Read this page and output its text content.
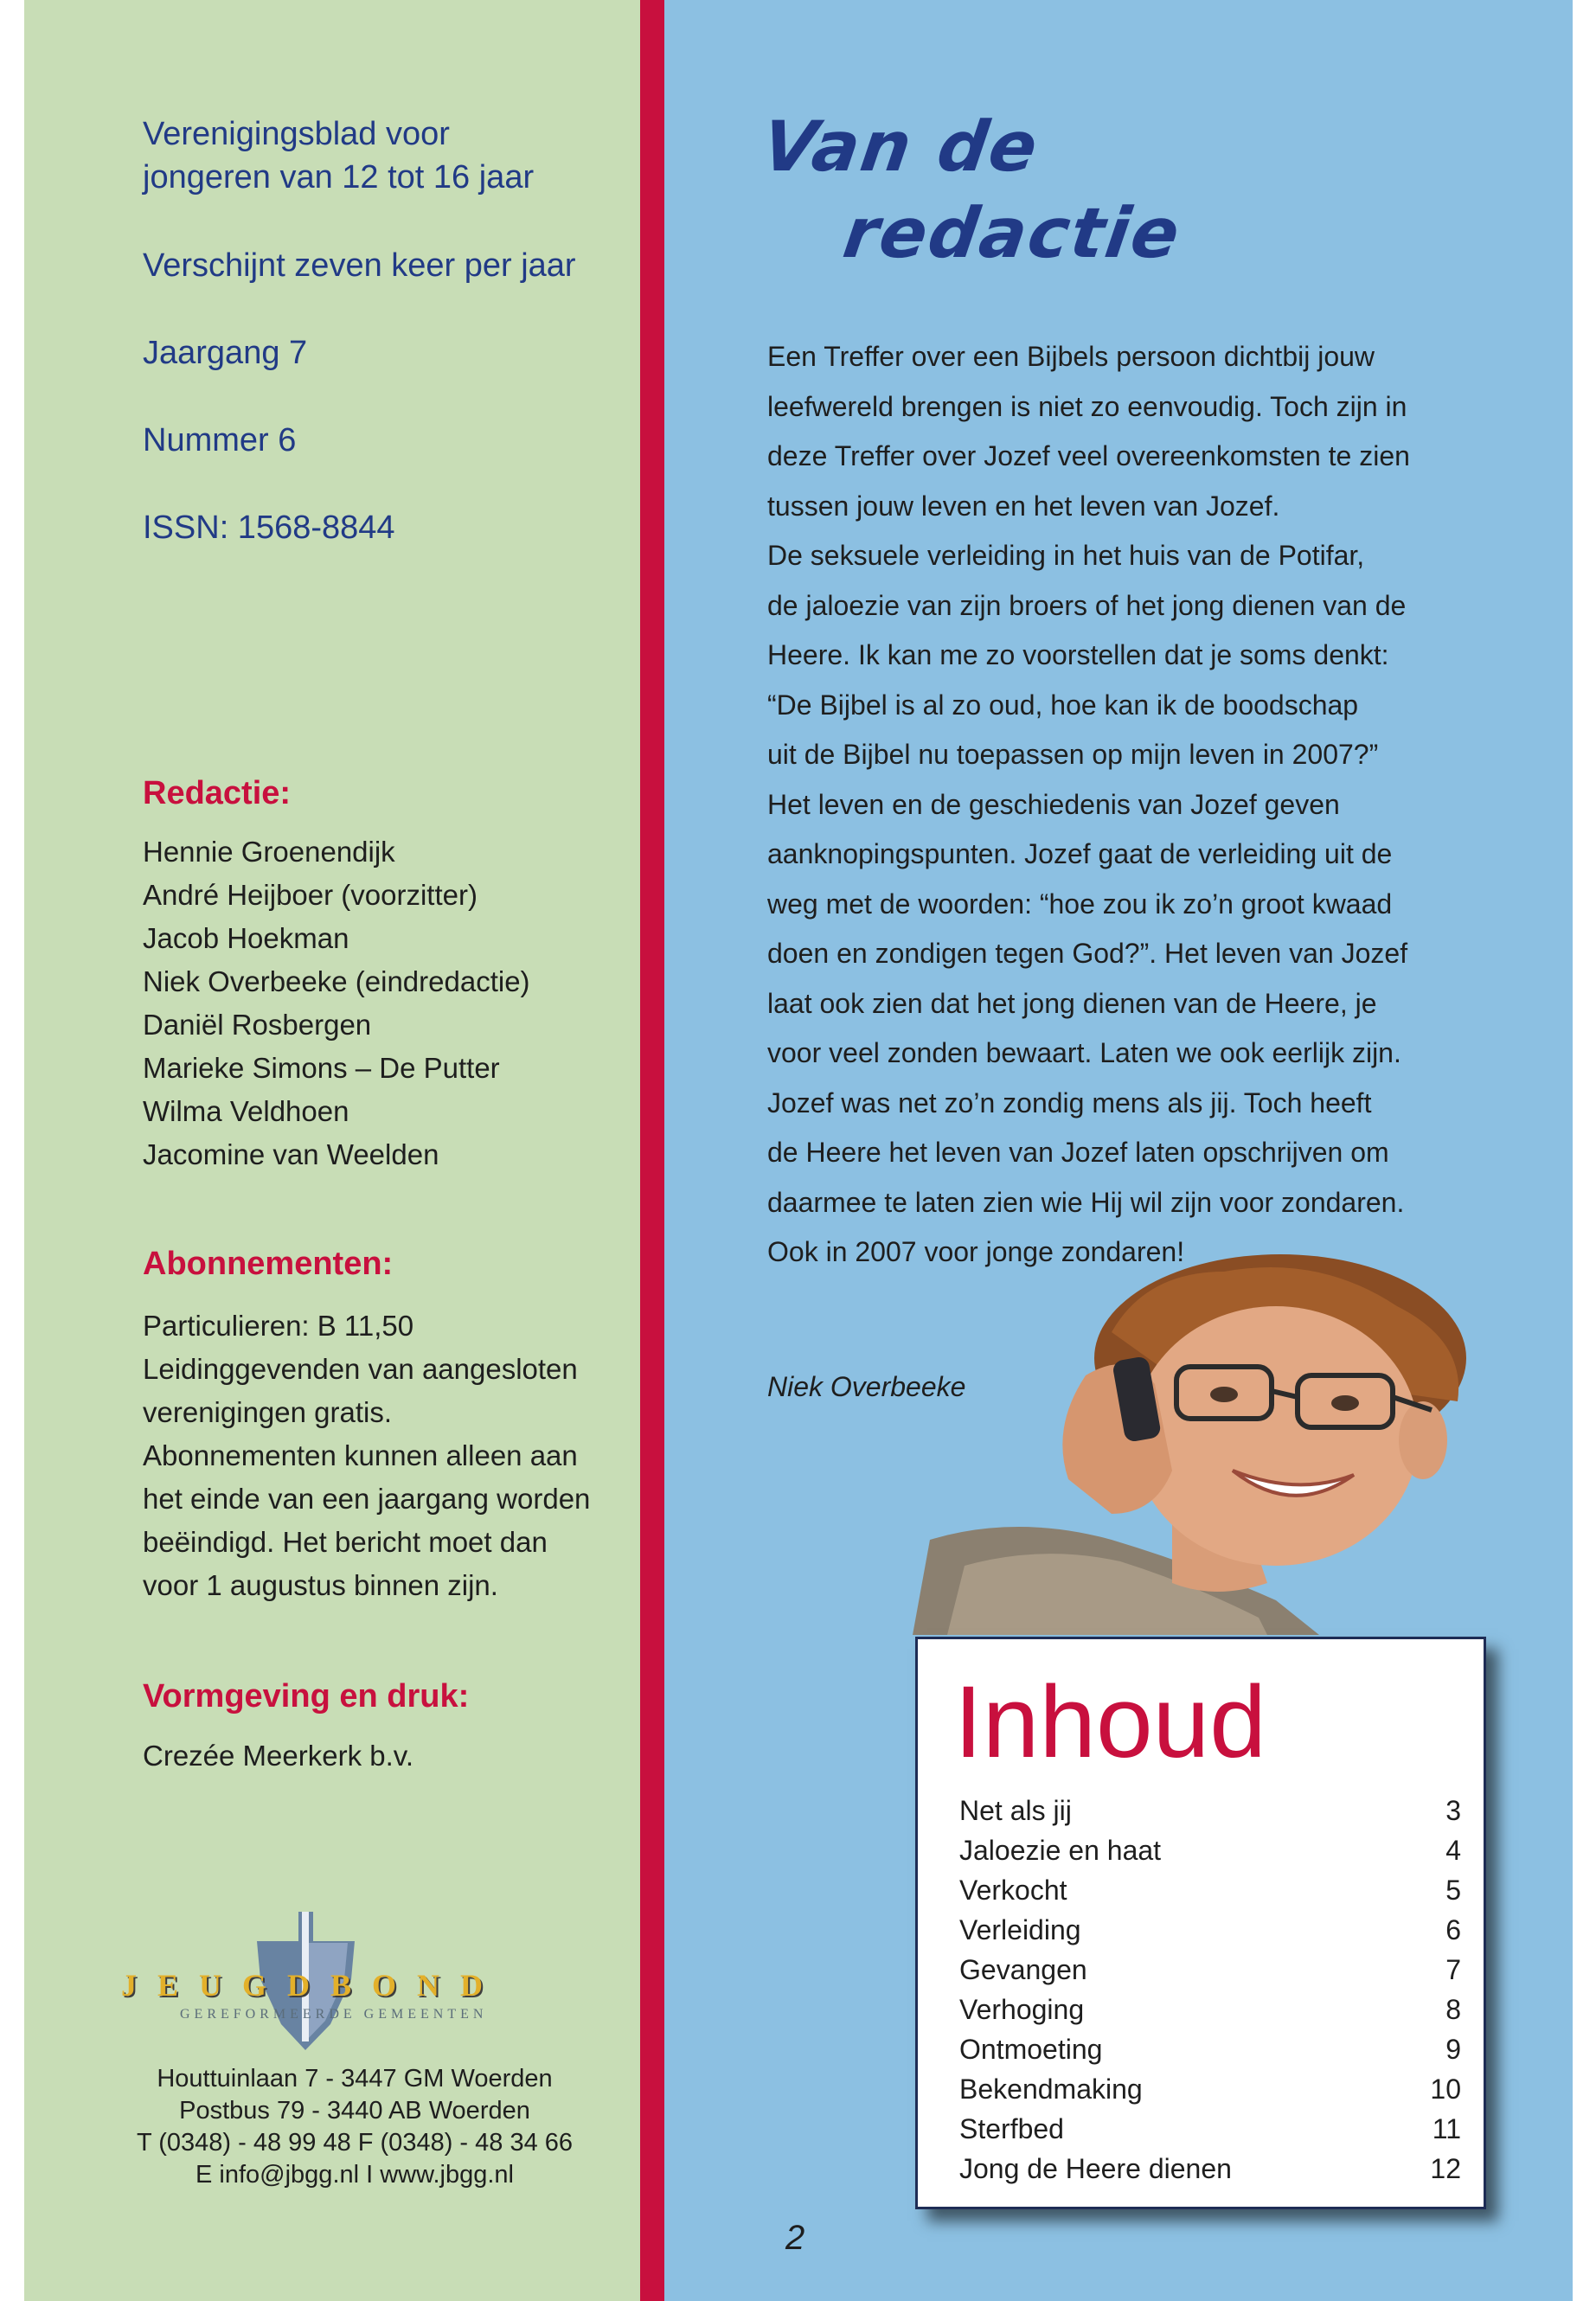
Verenigingsblad voor
jongeren van 12 tot 16 jaar
Verschijnt zeven keer per jaar
Jaargang 7
Nummer 6
ISSN: 1568-8844
Redactie:
Hennie Groenendijk
André Heijboer (voorzitter)
Jacob Hoekman
Niek Overbeeke (eindredactie)
Daniël Rosbergen
Marieke Simons – De Putter
Wilma Veldhoen
Jacomine van Weelden
Abonnementen:
Particulieren: B 11,50
Leidinggevenden van aangesloten
verenigingen gratis.
Abonnementen kunnen alleen aan
het einde van een jaargang worden
beëindigd. Het bericht moet dan
voor 1 augustus binnen zijn.
Vormgeving en druk:
Crezée Meerkerk b.v.
JEUGDBOND
GEREFORMEERDE GEMEENTEN
Houttuinlaan 7 - 3447 GM Woerden
Postbus 79 - 3440 AB Woerden
T (0348) - 48 99 48 F (0348) - 48 34 66
E info@jbgg.nl I www.jbgg.nl
Van de
redactie
Een Treffer over een Bijbels persoon dichtbij jouw
leefwereld brengen is niet zo eenvoudig. Toch zijn in
deze Treffer over Jozef veel overeenkomsten te zien
tussen jouw leven en het leven van Jozef.
De seksuele verleiding in het huis van de Potifar,
de jaloezie van zijn broers of het jong dienen van de
Heere. Ik kan me zo voorstellen dat je soms denkt:
“De Bijbel is al zo oud, hoe kan ik de boodschap
uit de Bijbel nu toepassen op mijn leven in 2007?”
Het leven en de geschiedenis van Jozef geven
aanknopingspunten. Jozef gaat de verleiding uit de
weg met de woorden: “hoe zou ik zo’n groot kwaad
doen en zondigen tegen God?”. Het leven van Jozef
laat ook zien dat het jong dienen van de Heere, je
voor veel zonden bewaart. Laten we ook eerlijk zijn.
Jozef was net zo’n zondig mens als jij. Toch heeft
de Heere het leven van Jozef laten opschrijven om
daarmee te laten zien wie Hij wil zijn voor zondaren.
Ook in 2007 voor jonge zondaren!
Niek Overbeeke
Inhoud
Net als jij	3
Jaloezie en haat	4
Verkocht	5
Verleiding	6
Gevangen	7
Verhoging	8
Ontmoeting	9
Bekendmaking	10
Sterfbed	11
Jong de Heere dienen	12
2
